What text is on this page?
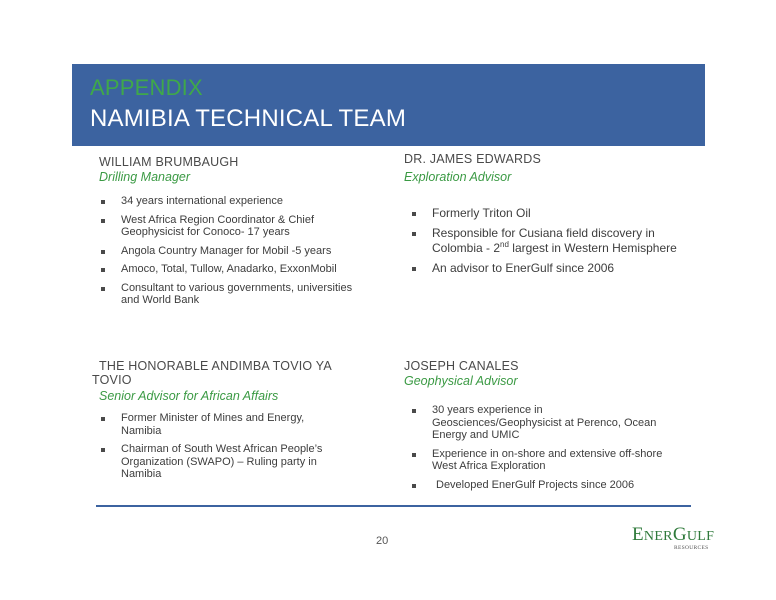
APPENDIX
NAMIBIA TECHNICAL TEAM
WILLIAM BRUMBAUGH
Drilling Manager
34 years international experience
West Africa Region Coordinator & Chief Geophysicist for Conoco- 17 years
Angola Country Manager for Mobil -5 years
Amoco, Total, Tullow, Anadarko, ExxonMobil
Consultant to various governments, universities and World Bank
DR. JAMES EDWARDS
Exploration Advisor
Formerly Triton Oil
Responsible for Cusiana field discovery in Colombia - 2nd largest in Western Hemisphere
An advisor to EnerGulf since 2006
THE HONORABLE ANDIMBA TOVIO YA
TOVIO
Senior Advisor for African Affairs
Former Minister of Mines and Energy, Namibia
Chairman of South West African People’s Organization (SWAPO) – Ruling party in Namibia
JOSEPH CANALES
Geophysical Advisor
30 years experience in Geosciences/Geophysicist at Perenco, Ocean Energy and UMIC
Experience in on-shore and extensive off-shore West Africa Exploration
Developed EnerGulf Projects since 2006
20	ENERGULF
RESOURCES
